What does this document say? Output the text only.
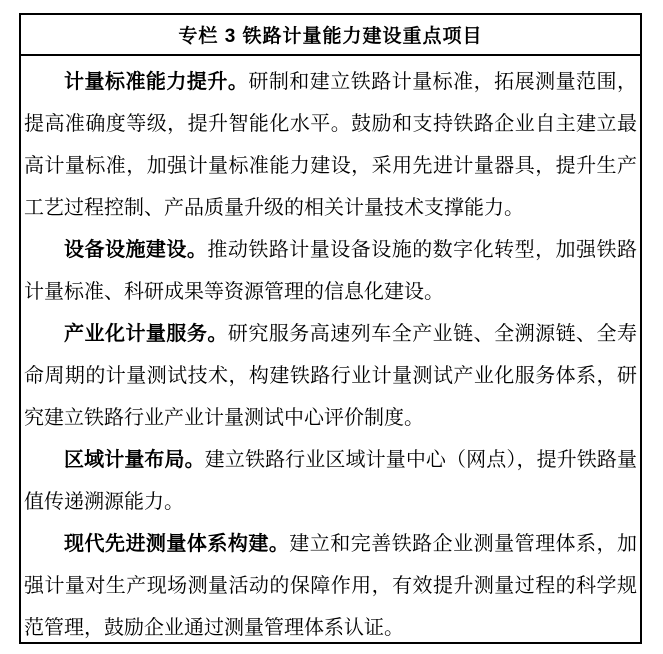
专栏 3 铁路计量能力建设重点项目

计量标准能力提升。研制和建立铁路计量标准，拓展测量范围，提高准确度等级，提升智能化水平。鼓励和支持铁路企业自主建立最高计量标准，加强计量标准能力建设，采用先进计量器具，提升生产工艺过程控制、产品质量升级的相关计量技术支撑能力。

设备设施建设。推动铁路计量设备设施的数字化转型，加强铁路计量标准、科研成果等资源管理的信息化建设。

产业化计量服务。研究服务高速列车全产业链、全溯源链、全寿命周期的计量测试技术，构建铁路行业计量测试产业化服务体系，研究建立铁路行业产业计量测试中心评价制度。

区域计量布局。建立铁路行业区域计量中心（网点），提升铁路量值传递溯源能力。

现代先进测量体系构建。建立和完善铁路企业测量管理体系，加强计量对生产现场测量活动的保障作用，有效提升测量过程的科学规范管理，鼓励企业通过测量管理体系认证。
